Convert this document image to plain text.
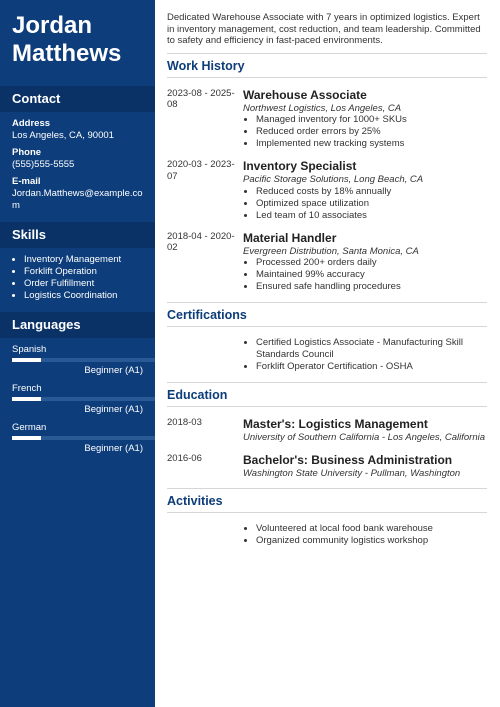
Jordan
Matthews
Contact
Address
Los Angeles, CA, 90001
Phone
(555)555-5555
E-mail
Jordan.Matthews@example.com
Skills
• Inventory Management
• Forklift Operation
• Order Fulfillment
• Logistics Coordination
Languages
Spanish
Beginner (A1)
French
Beginner (A1)
German
Beginner (A1)
Dedicated Warehouse Associate with 7 years in optimized logistics. Expert in inventory management, cost reduction, and team leadership. Committed to safety and efficiency in fast-paced environments.
Work History
2023-08 - 2025-08
Warehouse Associate
Northwest Logistics, Los Angeles, CA
• Managed inventory for 1000+ SKUs
• Reduced order errors by 25%
• Implemented new tracking systems
2020-03 - 2023-07
Inventory Specialist
Pacific Storage Solutions, Long Beach, CA
• Reduced costs by 18% annually
• Optimized space utilization
• Led team of 10 associates
2018-04 - 2020-02
Material Handler
Evergreen Distribution, Santa Monica, CA
• Processed 200+ orders daily
• Maintained 99% accuracy
• Ensured safe handling procedures
Certifications
• Certified Logistics Associate - Manufacturing Skill Standards Council
• Forklift Operator Certification - OSHA
Education
2018-03	Master's: Logistics Management
University of Southern California - Los Angeles, California
2016-06	Bachelor's: Business Administration
Washington State University - Pullman, Washington
Activities
• Volunteered at local food bank warehouse
• Organized community logistics workshop
